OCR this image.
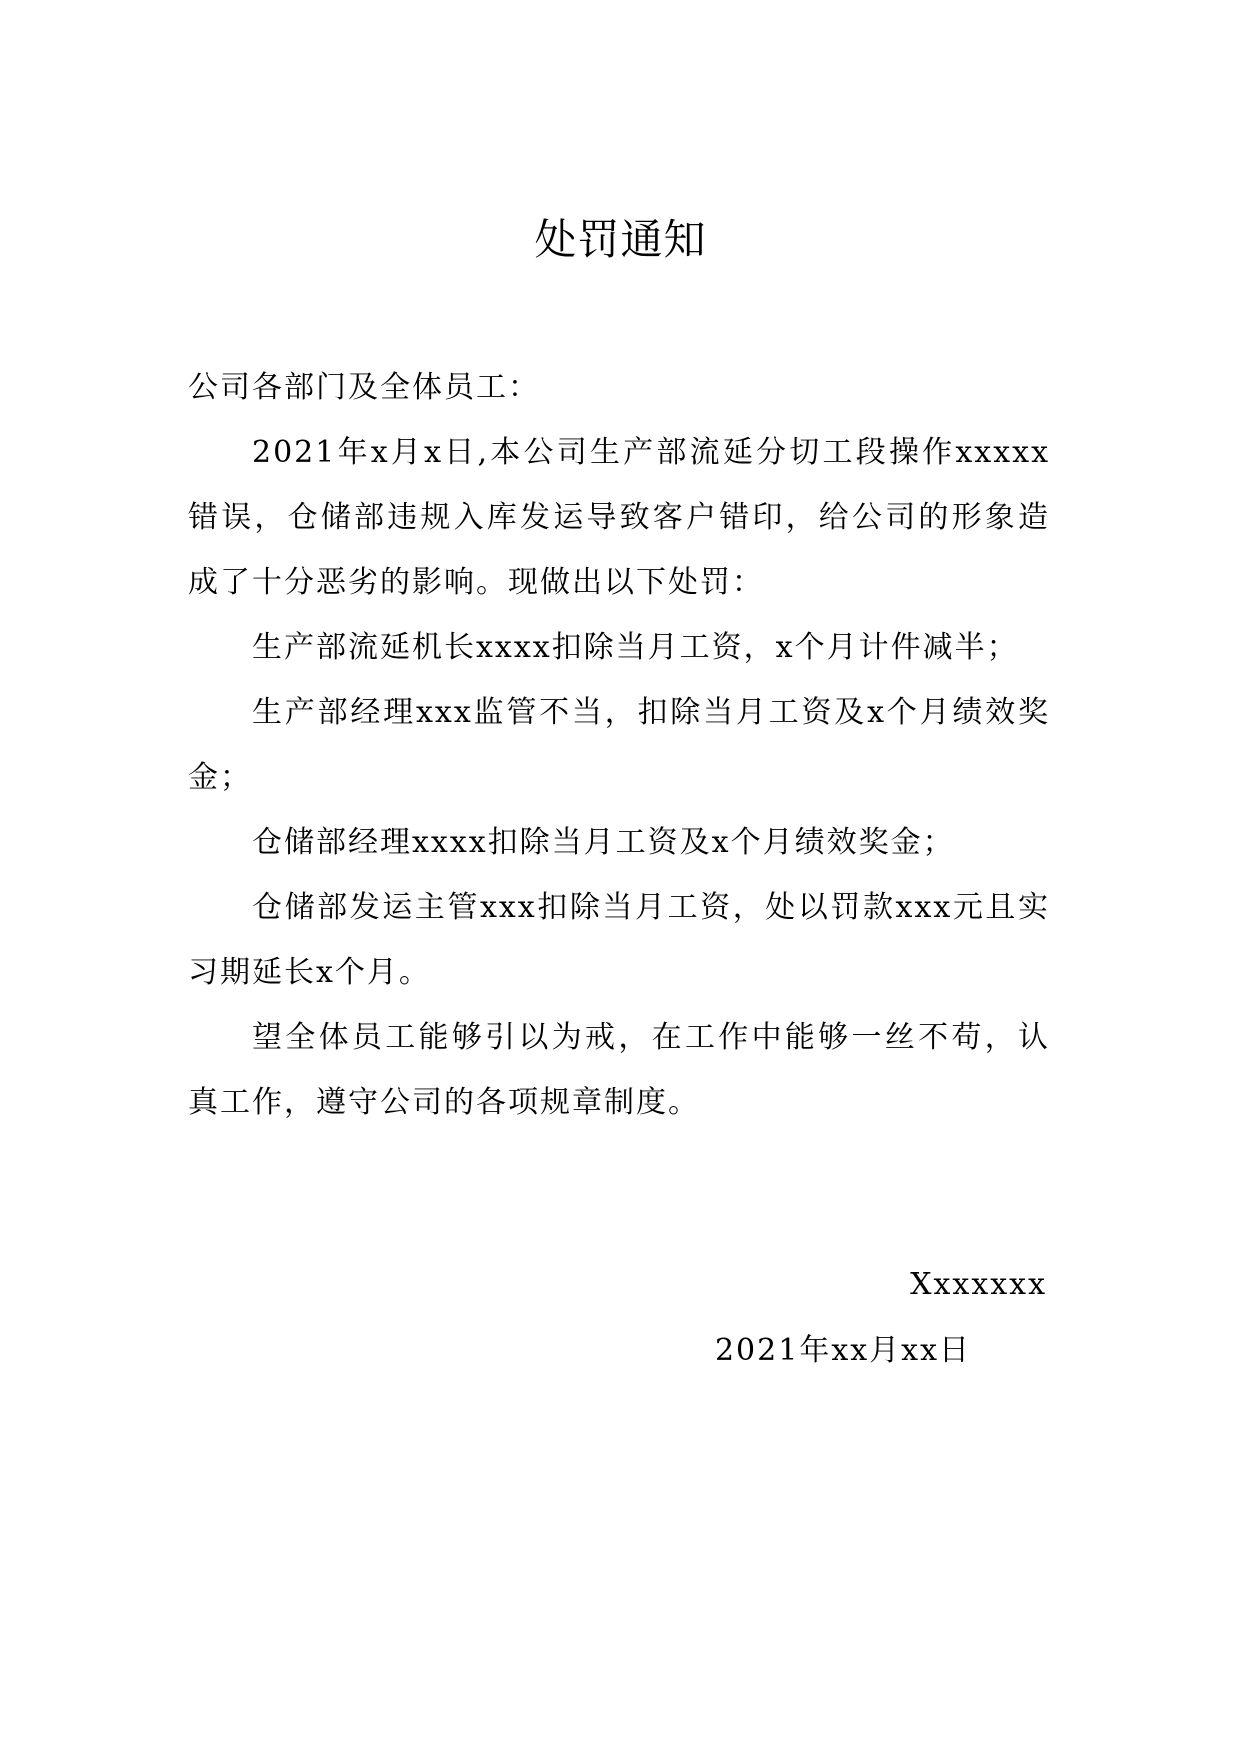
处罚通知

公司各部门及全体员工：

2021年x月x日,本公司生产部流延分切工段操作xxxxx错误，仓储部违规入库发运导致客户错印，给公司的形象造成了十分恶劣的影响。现做出以下处罚：

生产部流延机长xxxx扣除当月工资，x个月计件减半；

生产部经理xxx监管不当，扣除当月工资及x个月绩效奖金；

仓储部经理xxxx扣除当月工资及x个月绩效奖金；

仓储部发运主管xxx扣除当月工资，处以罚款xxx元且实习期延长x个月。

望全体员工能够引以为戒，在工作中能够一丝不苟，认真工作，遵守公司的各项规章制度。

Xxxxxxx

2021年xx月xx日
